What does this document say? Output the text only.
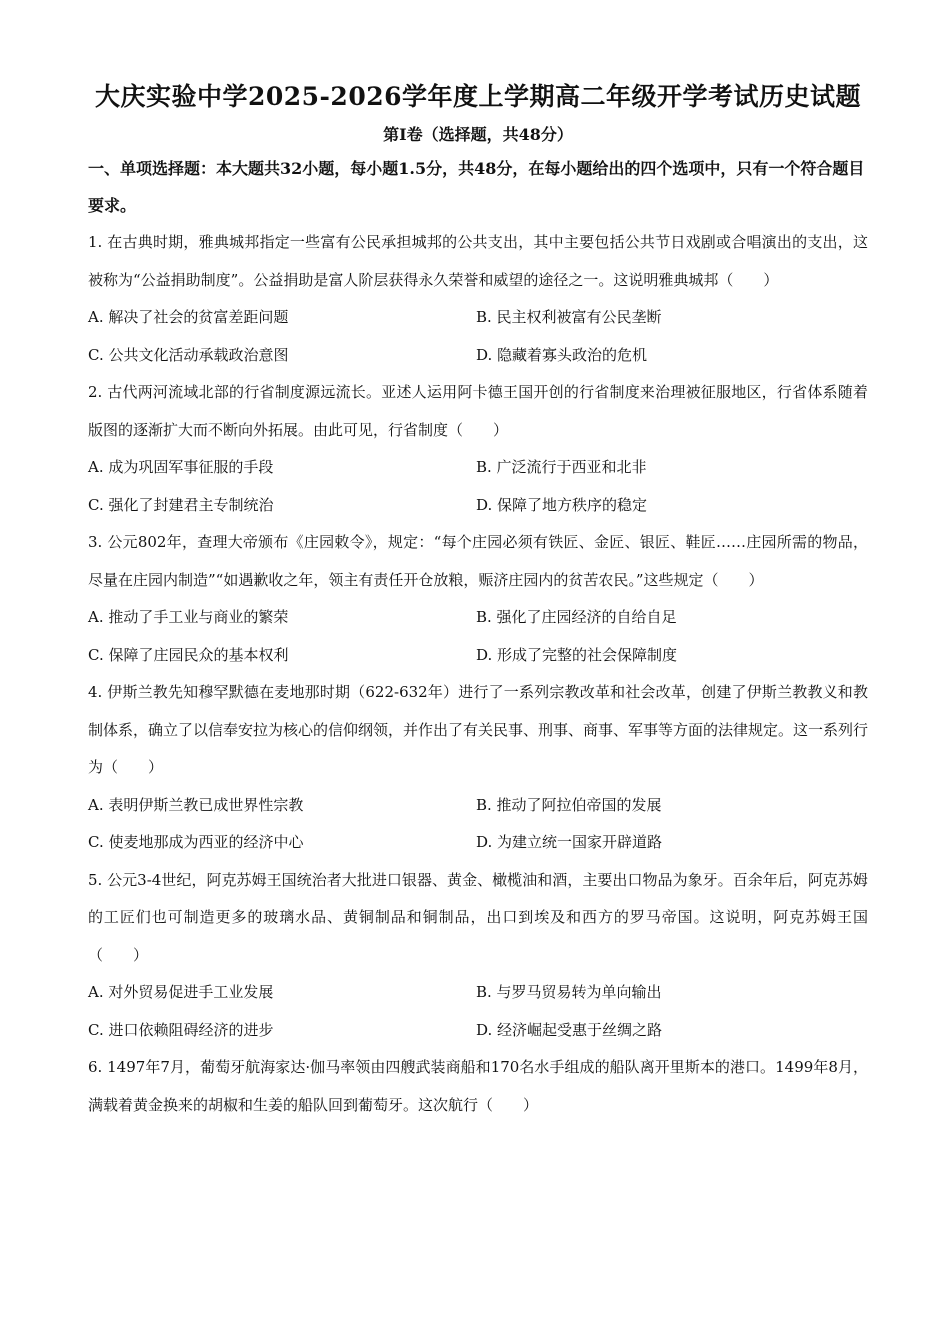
大庆实验中学2025-2026学年度上学期高二年级开学考试历史试题
第Ⅰ卷（选择题，共48分）

一、单项选择题：本大题共32小题，每小题1.5分，共48分，在每小题给出的四个选项中，只有一个符合题目要求。

1. 在古典时期，雅典城邦指定一些富有公民承担城邦的公共支出，其中主要包括公共节日戏剧或合唱演出的支出，这被称为“公益捐助制度”。公益捐助是富人阶层获得永久荣誉和威望的途径之一。这说明雅典城邦（　　）

A. 解决了社会的贫富差距问题	B. 民主权利被富有公民垄断
C. 公共文化活动承载政治意图	D. 隐藏着寡头政治的危机

2. 古代两河流域北部的行省制度源远流长。亚述人运用阿卡德王国开创的行省制度来治理被征服地区，行省体系随着版图的逐渐扩大而不断向外拓展。由此可见，行省制度（　　）

A. 成为巩固军事征服的手段	B. 广泛流行于西亚和北非
C. 强化了封建君主专制统治	D. 保障了地方秩序的稳定

3. 公元802年，查理大帝颁布《庄园敕令》，规定：“每个庄园必须有铁匠、金匠、银匠、鞋匠……庄园所需的物品，尽量在庄园内制造”“如遇歉收之年，领主有责任开仓放粮，赈济庄园内的贫苦农民。”这些规定（　　）

A. 推动了手工业与商业的繁荣	B. 强化了庄园经济的自给自足
C. 保障了庄园民众的基本权利	D. 形成了完整的社会保障制度

4. 伊斯兰教先知穆罕默德在麦地那时期（622-632年）进行了一系列宗教改革和社会改革，创建了伊斯兰教教义和教制体系，确立了以信奉安拉为核心的信仰纲领，并作出了有关民事、刑事、商事、军事等方面的法律规定。这一系列行为（　　）

A. 表明伊斯兰教已成世界性宗教	B. 推动了阿拉伯帝国的发展
C. 使麦地那成为西亚的经济中心	D. 为建立统一国家开辟道路

5. 公元3-4世纪，阿克苏姆王国统治者大批进口银器、黄金、橄榄油和酒，主要出口物品为象牙。百余年后，阿克苏姆的工匠们也可制造更多的玻璃水品、黄铜制品和铜制品，出口到埃及和西方的罗马帝国。这说明，阿克苏姆王国（　　）

A. 对外贸易促进手工业发展	B. 与罗马贸易转为单向输出
C. 进口依赖阻碍经济的进步	D. 经济崛起受惠于丝绸之路

6. 1497年7月，葡萄牙航海家达·伽马率领由四艘武装商船和170名水手组成的船队离开里斯本的港口。1499年8月，满载着黄金换来的胡椒和生姜的船队回到葡萄牙。这次航行（　　）
